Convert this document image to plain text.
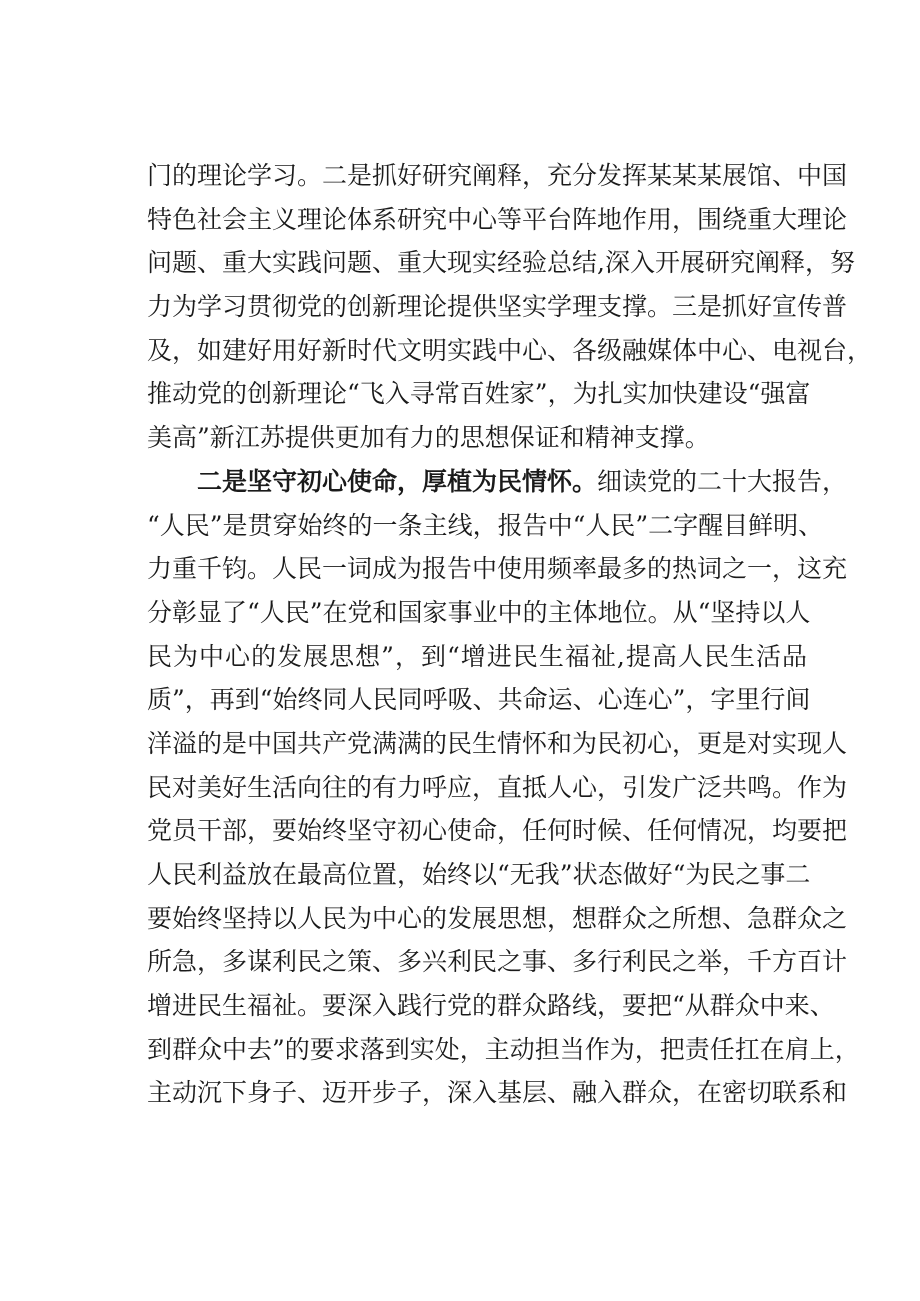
门的理论学习。二是抓好研究阐释，充分发挥某某某展馆、中国
特色社会主义理论体系研究中心等平台阵地作用，围绕重大理论
问题、重大实践问题、重大现实经验总结,深入开展研究阐释，努
力为学习贯彻党的创新理论提供坚实学理支撑。三是抓好宣传普
及，如建好用好新时代文明实践中心、各级融媒体中心、电视台，
推动党的创新理论“飞入寻常百姓家”，为扎实加快建设“强富
美高”新江苏提供更加有力的思想保证和精神支撑。
二是坚守初心使命，厚植为民情怀。细读党的二十大报告，
“人民”是贯穿始终的一条主线，报告中“人民”二字醒目鲜明、
力重千钧。人民一词成为报告中使用频率最多的热词之一，这充
分彰显了“人民”在党和国家事业中的主体地位。从“坚持以人
民为中心的发展思想”，到“增进民生福祉,提高人民生活品
质”，再到“始终同人民同呼吸、共命运、心连心”，字里行间
洋溢的是中国共产党满满的民生情怀和为民初心，更是对实现人
民对美好生活向往的有力呼应，直抵人心，引发广泛共鸣。作为
党员干部，要始终坚守初心使命，任何时候、任何情况，均要把
人民利益放在最高位置，始终以“无我”状态做好“为民之事二
要始终坚持以人民为中心的发展思想，想群众之所想、急群众之
所急，多谋利民之策、多兴利民之事、多行利民之举，千方百计
增进民生福祉。要深入践行党的群众路线，要把“从群众中来、
到群众中去”的要求落到实处，主动担当作为，把责任扛在肩上，
主动沉下身子、迈开步子，深入基层、融入群众，在密切联系和
